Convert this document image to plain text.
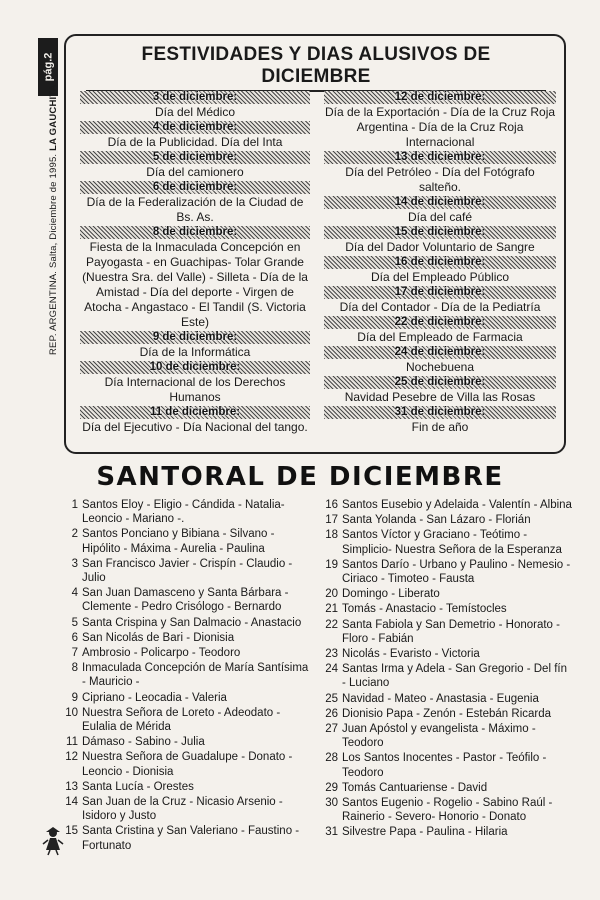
pág.2
REP. ARGENTINA. Salta, Diciembre de 1995. LA GAUCHITA
FESTIVIDADES Y DIAS ALUSIVOS DE DICIEMBRE
3 de diciembre:
Día del Médico
4 de diciembre:
Día de la Publicidad. Día del Inta
5 de diciembre:
Día del camionero
6 de diciembre:
Día de la Federalización de la Ciudad de Bs. As.
8 de diciembre:
Fiesta de la Inmaculada Concepción en Payogasta - en Guachipas- Tolar Grande (Nuestra Sra. del Valle) - Silleta - Día de la Amistad - Día del deporte - Virgen de Atocha - Angastaco - El Tandil (S. Victoria Este)
9 de diciembre:
Día de la Informática
10 de diciembre:
Día Internacional de los Derechos Humanos
11 de diciembre:
Día del Ejecutivo - Día Nacional del tango.
12 de diciembre:
Día de la Exportación - Día de la Cruz Roja Argentina - Día de la Cruz Roja Internacional
13 de diciembre:
Día del Petróleo - Día del Fotógrafo salteño.
14 de diciembre:
Día del café
15 de diciembre:
Día del Dador Voluntario de Sangre
16 de diciembre:
Día del Empleado Público
17 de diciembre:
Día del Contador - Día de la Pediatría
22 de diciembre:
Día del Empleado de Farmacia
24 de diciembre:
Nochebuena
25 de diciembre:
Navidad Pesebre de Villa las Rosas
31 de diciembre:
Fin de año
SANTORAL DE DICIEMBRE
1 Santos Eloy - Eligio - Cándida - Natalia- Leoncio - Mariano -.
2 Santos Ponciano y Bibiana - Silvano - Hipólito - Máxima - Aurelia - Paulina
3 San Francisco Javier - Crispín - Claudio - Julio
4 San Juan Damasceno y Santa Bárbara - Clemente - Pedro Crisólogo - Bernardo
5 Santa Crispina y San Dalmacio - Anastacio
6 San Nicolás de Bari - Dionisia
7 Ambrosio - Policarpo - Teodoro
8 Inmaculada Concepción de María Santísima - Mauricio -
9 Cipriano - Leocadia - Valeria
10 Nuestra Señora de Loreto - Adeodato - Eulalia de Mérida
11 Dámaso - Sabino - Julia
12 Nuestra Señora de Guadalupe - Donato - Leoncio - Dionisia
13 Santa Lucía - Orestes
14 San Juan de la Cruz - Nicasio Arsenio - Isidoro y Justo
15 Santa Cristina y San Valeriano - Faustino - Fortunato
16 Santos Eusebio y Adelaida - Valentín - Albina
17 Santa Yolanda - San Lázaro - Florián
18 Santos Víctor y Graciano - Teótimo - Simplicio- Nuestra Señora de la Esperanza
19 Santos Darío - Urbano y Paulino - Nemesio - Ciriaco - Timoteo - Fausta
20 Domingo - Liberato
21 Tomás - Anastacio - Temístocles
22 Santa Fabiola y San Demetrio - Honorato - Floro - Fabián
23 Nicolás - Evaristo - Victoria
24 Santas Irma y Adela - San Gregorio - Del fín - Luciano
25 Navidad - Mateo - Anastasia - Eugenia
26 Dionisio Papa - Zenón - Estebán Ricarda
27 Juan Apóstol y evangelista - Máximo - Teodoro
28 Los Santos Inocentes - Pastor - Teófilo - Teodoro
29 Tomás Cantuariense - David
30 Santos Eugenio - Rogelio - Sabino Raúl - Rainerio - Severo- Honorio - Donato
31 Silvestre Papa - Paulina - Hilaria
